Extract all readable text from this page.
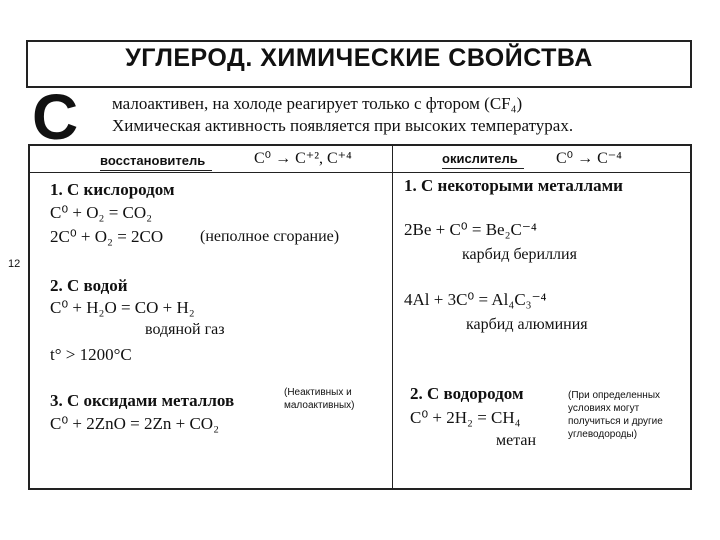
12
УГЛЕРОД. ХИМИЧЕСКИЕ СВОЙСТВА
C малоактивен, на холоде реагирует только с фтором (CF₄)
Химическая активность появляется при высоких температурах.
восстановитель	C⁰ → C⁺², C⁺⁴	окислитель C⁰ → C⁻⁴
1. С кислородом
C⁰ + O₂ = CO₂
2C⁰ + O₂ = 2CO (неполное сгорание)
2. С водой
C⁰ + H₂O = CO + H₂
водяной газ
t° > 1200°C
3. С оксидами металлов	(Неактивных и малоактивных)
C⁰ + 2ZnO = 2Zn + CO₂
1. С некоторыми металлами
2Be + C⁰ = Be₂C⁻⁴
карбид бериллия
4Al + 3C⁰ = Al₄C₃⁻⁴
карбид алюминия
2. С водородом
C⁰ + 2H₂ = CH₄
метан
(При определенных условиях могут получиться и другие углеводороды)
